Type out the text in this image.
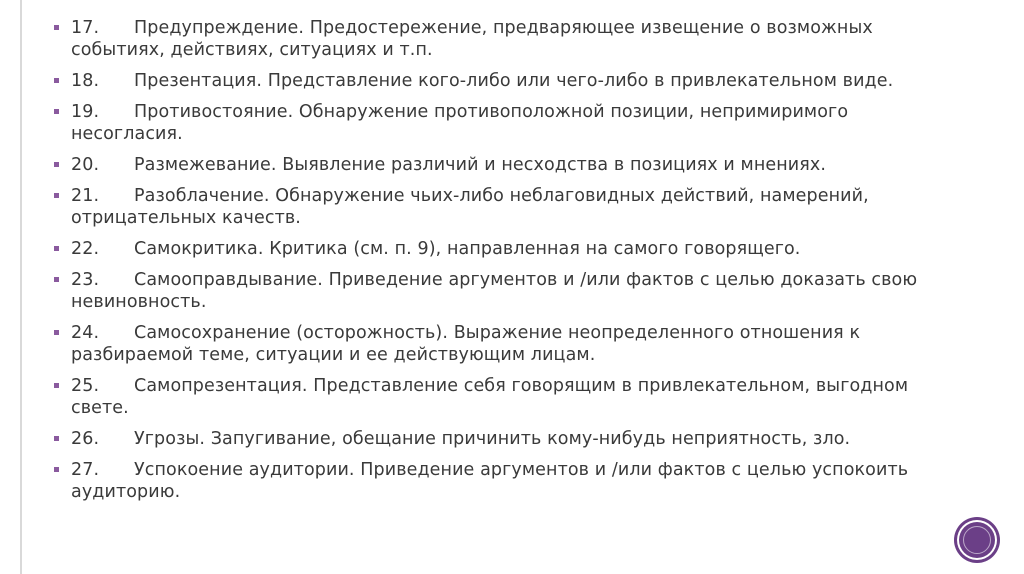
17. Предупреждение. Предостережение, предваряющее извещение о возможных событиях, действиях, ситуациях и т.п.
18. Презентация. Представление кого-либо или чего-либо в привлекательном виде.
19. Противостояние. Обнаружение противоположной позиции, непримиримого несогласия.
20. Размежевание. Выявление различий и несходства в позициях и мнениях.
21. Разоблачение. Обнаружение чьих-либо неблаговидных действий, намерений, отрицательных качеств.
22. Самокритика. Критика (см. п. 9), направленная на самого говорящего.
23. Самооправдывание. Приведение аргументов и /или фактов с целью доказать свою невиновность.
24. Самосохранение (осторожность). Выражение неопределенного отношения к разбираемой теме, ситуации и ее действующим лицам.
25. Самопрезентация. Представление себя говорящим в привлекательном, выгодном свете.
26. Угрозы. Запугивание, обещание причинить кому-нибудь неприятность, зло.
27. Успокоение аудитории. Приведение аргументов и /или фактов с целью успокоить аудиторию.
